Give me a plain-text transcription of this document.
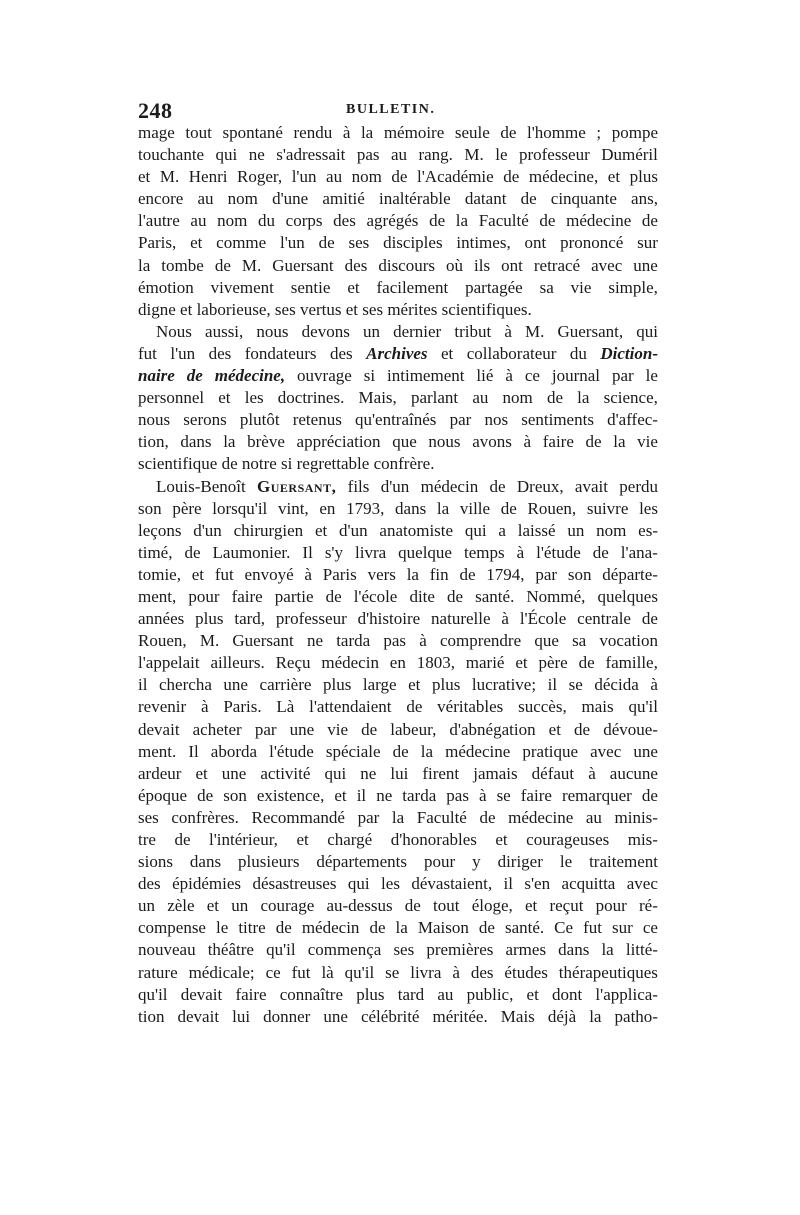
248	BULLETIN.
mage tout spontané rendu à la mémoire seule de l'homme ; pompe
touchante qui ne s'adressait pas au rang. M. le professeur Duméril
et M. Henri Roger, l'un au nom de l'Académie de médecine, et plus
encore au nom d'une amitié inaltérable datant de cinquante ans,
l'autre au nom du corps des agrégés de la Faculté de médecine de
Paris, et comme l'un de ses disciples intimes, ont prononcé sur
la tombe de M. Guersant des discours où ils ont retracé avec une
émotion vivement sentie et facilement partagée sa vie simple,
digne et laborieuse, ses vertus et ses mérites scientifiques.
Nous aussi, nous devons un dernier tribut à M. Guersant, qui
fut l'un des fondateurs des Archives et collaborateur du Diction-
naire de médecine, ouvrage si intimement lié à ce journal par le
personnel et les doctrines. Mais, parlant au nom de la science,
nous serons plutôt retenus qu'entraînés par nos sentiments d'affec-
tion, dans la brève appréciation que nous avons à faire de la vie
scientifique de notre si regrettable confrère.
Louis-Benoît Guersant, fils d'un médecin de Dreux, avait perdu
son père lorsqu'il vint, en 1793, dans la ville de Rouen, suivre les
leçons d'un chirurgien et d'un anatomiste qui a laissé un nom es-
timé, de Laumonier. Il s'y livra quelque temps à l'étude de l'ana-
tomie, et fut envoyé à Paris vers la fin de 1794, par son départe-
ment, pour faire partie de l'école dite de santé. Nommé, quelques
années plus tard, professeur d'histoire naturelle à l'École centrale de
Rouen, M. Guersant ne tarda pas à comprendre que sa vocation
l'appelait ailleurs. Reçu médecin en 1803, marié et père de famille,
il chercha une carrière plus large et plus lucrative; il se décida à
revenir à Paris. Là l'attendaient de véritables succès, mais qu'il
devait acheter par une vie de labeur, d'abnégation et de dévoue-
ment. Il aborda l'étude spéciale de la médecine pratique avec une
ardeur et une activité qui ne lui firent jamais défaut à aucune
époque de son existence, et il ne tarda pas à se faire remarquer de
ses confrères. Recommandé par la Faculté de médecine au minis-
tre de l'intérieur, et chargé d'honorables et courageuses mis-
sions dans plusieurs départements pour y diriger le traitement
des épidémies désastreuses qui les dévastaient, il s'en acquitta avec
un zèle et un courage au-dessus de tout éloge, et reçut pour ré-
compense le titre de médecin de la Maison de santé. Ce fut sur ce
nouveau théâtre qu'il commença ses premières armes dans la litté-
rature médicale; ce fut là qu'il se livra à des études thérapeutiques
qu'il devait faire connaître plus tard au public, et dont l'applica-
tion devait lui donner une célébrité méritée. Mais déjà la patho-
